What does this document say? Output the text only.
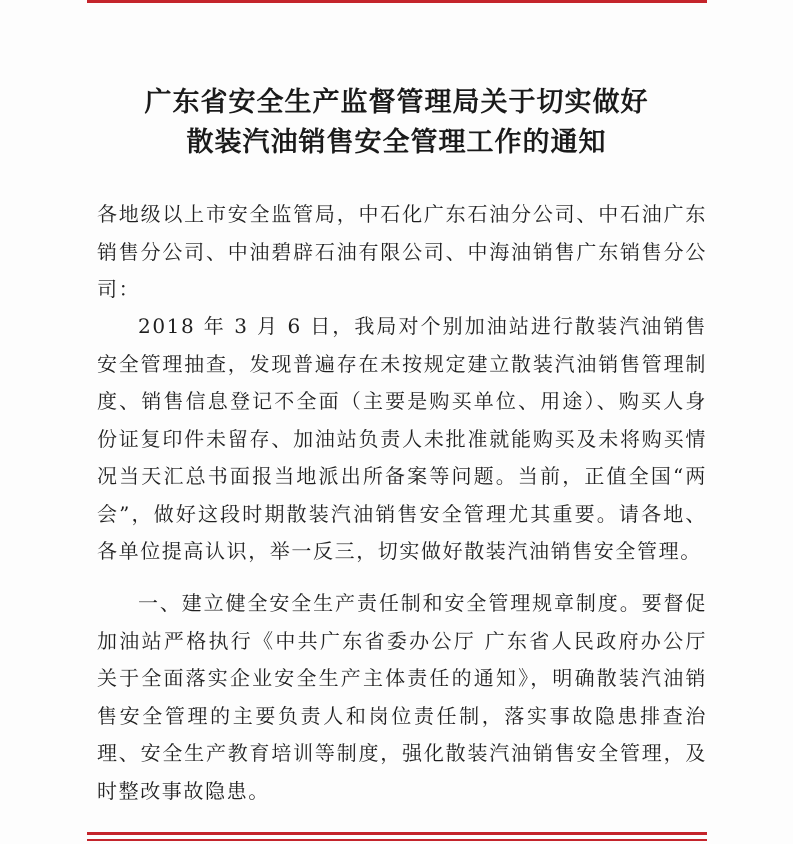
广东省安全生产监督管理局关于切实做好
散装汽油销售安全管理工作的通知

各地级以上市安全监管局，中石化广东石油分公司、中石油广东销售分公司、中油碧辟石油有限公司、中海油销售广东销售分公司：

2018 年 3 月 6 日，我局对个别加油站进行散装汽油销售安全管理抽查，发现普遍存在未按规定建立散装汽油销售管理制度、销售信息登记不全面（主要是购买单位、用途）、购买人身份证复印件未留存、加油站负责人未批准就能购买及未将购买情况当天汇总书面报当地派出所备案等问题。当前，正值全国“两会”，做好这段时期散装汽油销售安全管理尤其重要。请各地、各单位提高认识，举一反三，切实做好散装汽油销售安全管理。

一、建立健全安全生产责任制和安全管理规章制度。要督促加油站严格执行《中共广东省委办公厅 广东省人民政府办公厅关于全面落实企业安全生产主体责任的通知》，明确散装汽油销售安全管理的主要负责人和岗位责任制，落实事故隐患排查治理、安全生产教育培训等制度，强化散装汽油销售安全管理，及时整改事故隐患。
